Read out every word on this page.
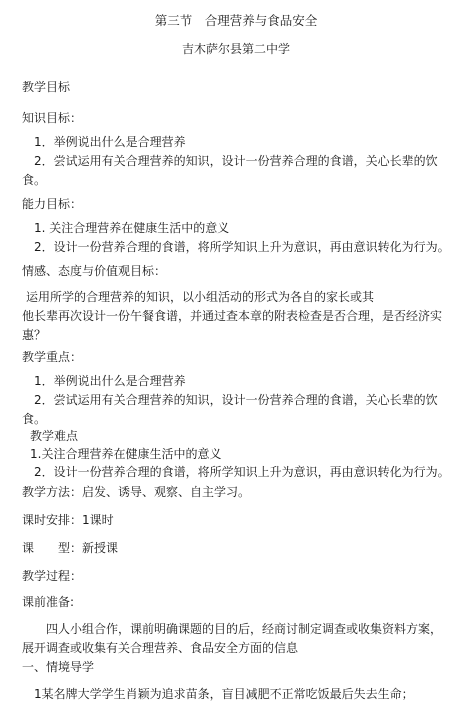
第三节　合理营养与食品安全
吉木萨尔县第二中学
教学目标
知识目标：
1．举例说出什么是合理营养
2．尝试运用有关合理营养的知识，设计一份营养合理的食谱，关心长辈的饮
食。
能力目标：
1. 关注合理营养在健康生活中的意义
2．设计一份营养合理的食谱，将所学知识上升为意识，再由意识转化为行为。
情感、态度与价值观目标：
运用所学的合理营养的知识，以小组活动的形式为各自的家长或其
他长辈再次设计一份午餐食谱，并通过查本章的附表检查是否合理，是否经济实
惠？
教学重点：
1．举例说出什么是合理营养
2．尝试运用有关合理营养的知识，设计一份营养合理的食谱，关心长辈的饮
食。
教学难点
1.关注合理营养在健康生活中的意义
2．设计一份营养合理的食谱，将所学知识上升为意识，再由意识转化为行为。
教学方法：启发、诱导、观察、自主学习。
课时安排：1课时
课　　型：新授课
教学过程：
课前准备:
四人小组合作，课前明确课题的目的后，经商讨制定调查或收集资料方案，
展开调查或收集有关合理营养、食品安全方面的信息
一、情境导学
1某名牌大学学生肖颖为追求苗条，盲目减肥不正常吃饭最后失去生命；
